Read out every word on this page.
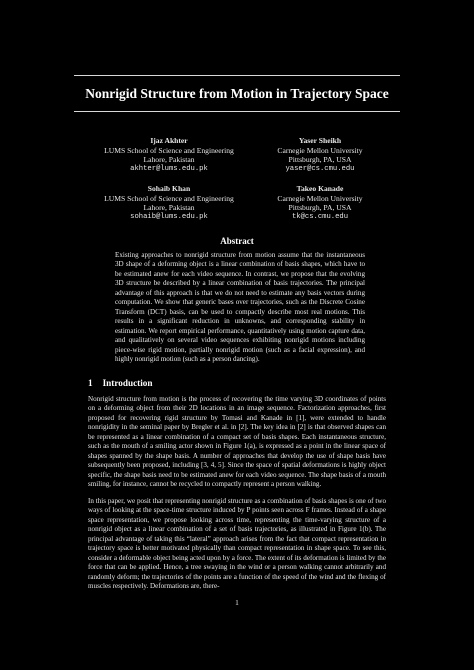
Nonrigid Structure from Motion in Trajectory Space
Ijaz Akhter
LUMS School of Science and Engineering
Lahore, Pakistan
akhter@lums.edu.pk
Yaser Sheikh
Carnegie Mellon University
Pittsburgh, PA, USA
yaser@cs.cmu.edu
Sohaib Khan
LUMS School of Science and Engineering
Lahore, Pakistan
sohaib@lums.edu.pk
Takeo Kanade
Carnegie Mellon University
Pittsburgh, PA, USA
tk@cs.cmu.edu
Abstract
Existing approaches to nonrigid structure from motion assume that the instantaneous 3D shape of a deforming object is a linear combination of basis shapes, which have to be estimated anew for each video sequence. In contrast, we propose that the evolving 3D structure be described by a linear combination of basis trajectories. The principal advantage of this approach is that we do not need to estimate any basis vectors during computation. We show that generic bases over trajectories, such as the Discrete Cosine Transform (DCT) basis, can be used to compactly describe most real motions. This results in a significant reduction in unknowns, and corresponding stability in estimation. We report empirical performance, quantitatively using motion capture data, and qualitatively on several video sequences exhibiting nonrigid motions including piece-wise rigid motion, partially nonrigid motion (such as a facial expression), and highly nonrigid motion (such as a person dancing).
1 Introduction
Nonrigid structure from motion is the process of recovering the time varying 3D coordinates of points on a deforming object from their 2D locations in an image sequence. Factorization approaches, first proposed for recovering rigid structure by Tomasi and Kanade in [1], were extended to handle nonrigidity in the seminal paper by Bregler et al. in [2]. The key idea in [2] is that observed shapes can be represented as a linear combination of a compact set of basis shapes. Each instantaneous structure, such as the mouth of a smiling actor shown in Figure 1(a), is expressed as a point in the linear space of shapes spanned by the shape basis. A number of approaches that develop the use of shape basis have subsequently been proposed, including [3, 4, 5]. Since the space of spatial deformations is highly object specific, the shape basis need to be estimated anew for each video sequence. The shape basis of a mouth smiling, for instance, cannot be recycled to compactly represent a person walking.
In this paper, we posit that representing nonrigid structure as a combination of basis shapes is one of two ways of looking at the space-time structure induced by P points seen across F frames. Instead of a shape space representation, we propose looking across time, representing the time-varying structure of a nonrigid object as a linear combination of a set of basis trajectories, as illustrated in Figure 1(b). The principal advantage of taking this “lateral” approach arises from the fact that compact representation in trajectory space is better motivated physically than compact representation in shape space. To see this, consider a deformable object being acted upon by a force. The extent of its deformation is limited by the force that can be applied. Hence, a tree swaying in the wind or a person walking cannot arbitrarily and randomly deform; the trajectories of the points are a function of the speed of the wind and the flexing of muscles respectively. Deformations are, there-
1
